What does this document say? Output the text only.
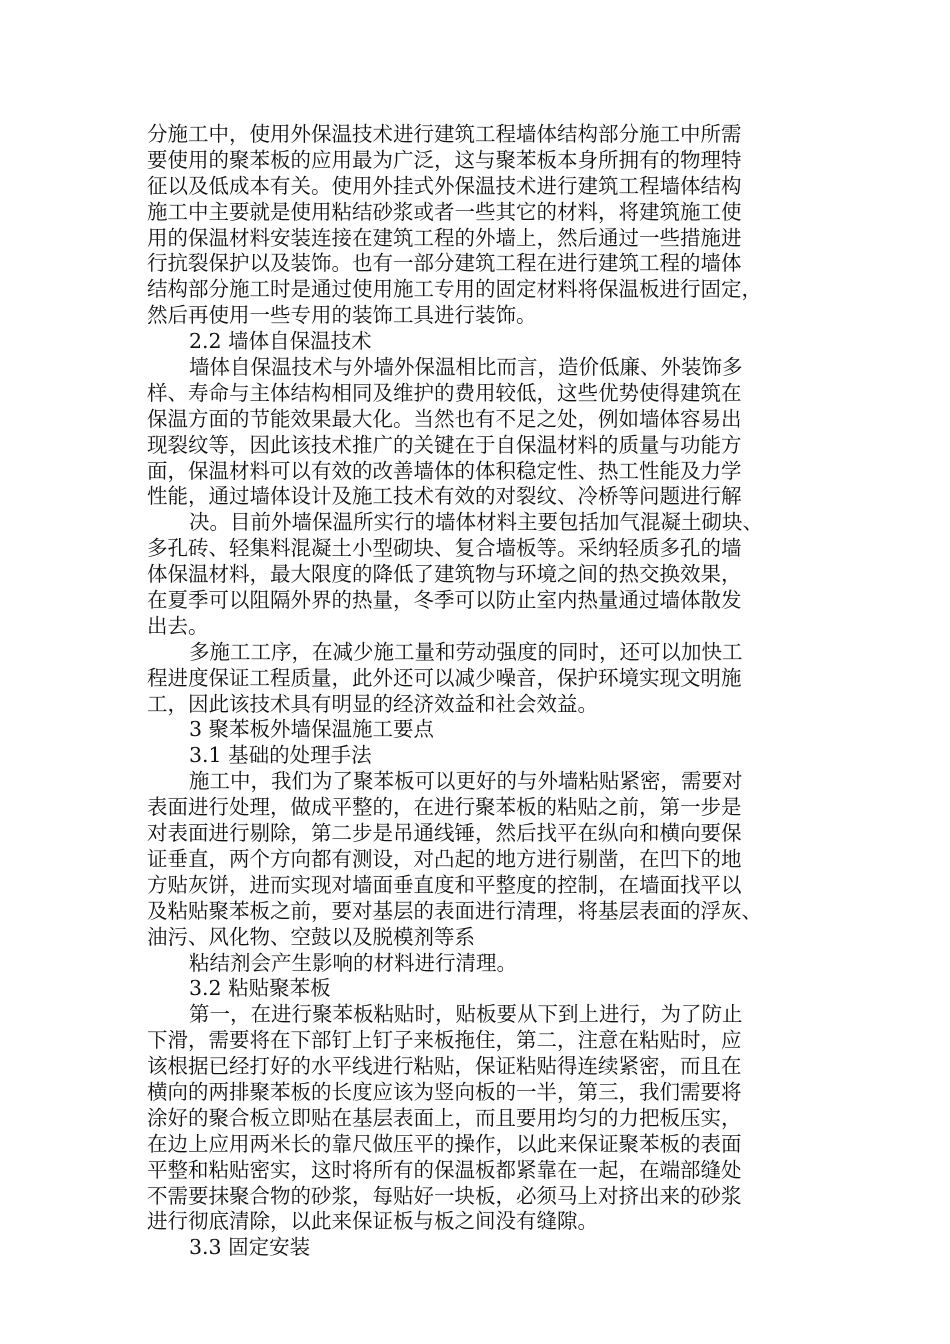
分施工中，使用外保温技术进行建筑工程墙体结构部分施工中所需
要使用的聚苯板的应用最为广泛，这与聚苯板本身所拥有的物理特
征以及低成本有关。使用外挂式外保温技术进行建筑工程墙体结构
施工中主要就是使用粘结砂浆或者一些其它的材料，将建筑施工使
用的保温材料安装连接在建筑工程的外墙上，然后通过一些措施进
行抗裂保护以及装饰。也有一部分建筑工程在进行建筑工程的墙体
结构部分施工时是通过使用施工专用的固定材料将保温板进行固定，
然后再使用一些专用的装饰工具进行装饰。
2.2 墙体自保温技术
墙体自保温技术与外墙外保温相比而言，造价低廉、外装饰多
样、寿命与主体结构相同及维护的费用较低，这些优势使得建筑在
保温方面的节能效果最大化。当然也有不足之处，例如墙体容易出
现裂纹等，因此该技术推广的关键在于自保温材料的质量与功能方
面，保温材料可以有效的改善墙体的体积稳定性、热工性能及力学
性能，通过墙体设计及施工技术有效的对裂纹、冷桥等问题进行解
决。目前外墙保温所实行的墙体材料主要包括加气混凝土砌块、
多孔砖、轻集料混凝土小型砌块、复合墙板等。采纳轻质多孔的墙
体保温材料，最大限度的降低了建筑物与环境之间的热交换效果，
在夏季可以阻隔外界的热量，冬季可以防止室内热量通过墙体散发
出去。
多施工工序，在减少施工量和劳动强度的同时，还可以加快工
程进度保证工程质量，此外还可以减少噪音，保护环境实现文明施
工，因此该技术具有明显的经济效益和社会效益。
3 聚苯板外墙保温施工要点
3.1 基础的处理手法
施工中，我们为了聚苯板可以更好的与外墙粘贴紧密，需要对
表面进行处理，做成平整的，在进行聚苯板的粘贴之前，第一步是
对表面进行剔除，第二步是吊通线锤，然后找平在纵向和横向要保
证垂直，两个方向都有测设，对凸起的地方进行剔凿，在凹下的地
方贴灰饼，进而实现对墙面垂直度和平整度的控制，在墙面找平以
及粘贴聚苯板之前，要对基层的表面进行清理，将基层表面的浮灰、
油污、风化物、空鼓以及脱模剂等系
粘结剂会产生影响的材料进行清理。
3.2 粘贴聚苯板
第一，在进行聚苯板粘贴时，贴板要从下到上进行，为了防止
下滑，需要将在下部钉上钉子来板拖住，第二，注意在粘贴时，应
该根据已经打好的水平线进行粘贴，保证粘贴得连续紧密，而且在
横向的两排聚苯板的长度应该为竖向板的一半，第三，我们需要将
涂好的聚合板立即贴在基层表面上，而且要用均匀的力把板压实，
在边上应用两米长的靠尺做压平的操作，以此来保证聚苯板的表面
平整和粘贴密实，这时将所有的保温板都紧靠在一起，在端部缝处
不需要抹聚合物的砂浆，每贴好一块板，必须马上对挤出来的砂浆
进行彻底清除，以此来保证板与板之间没有缝隙。
3.3 固定安装
